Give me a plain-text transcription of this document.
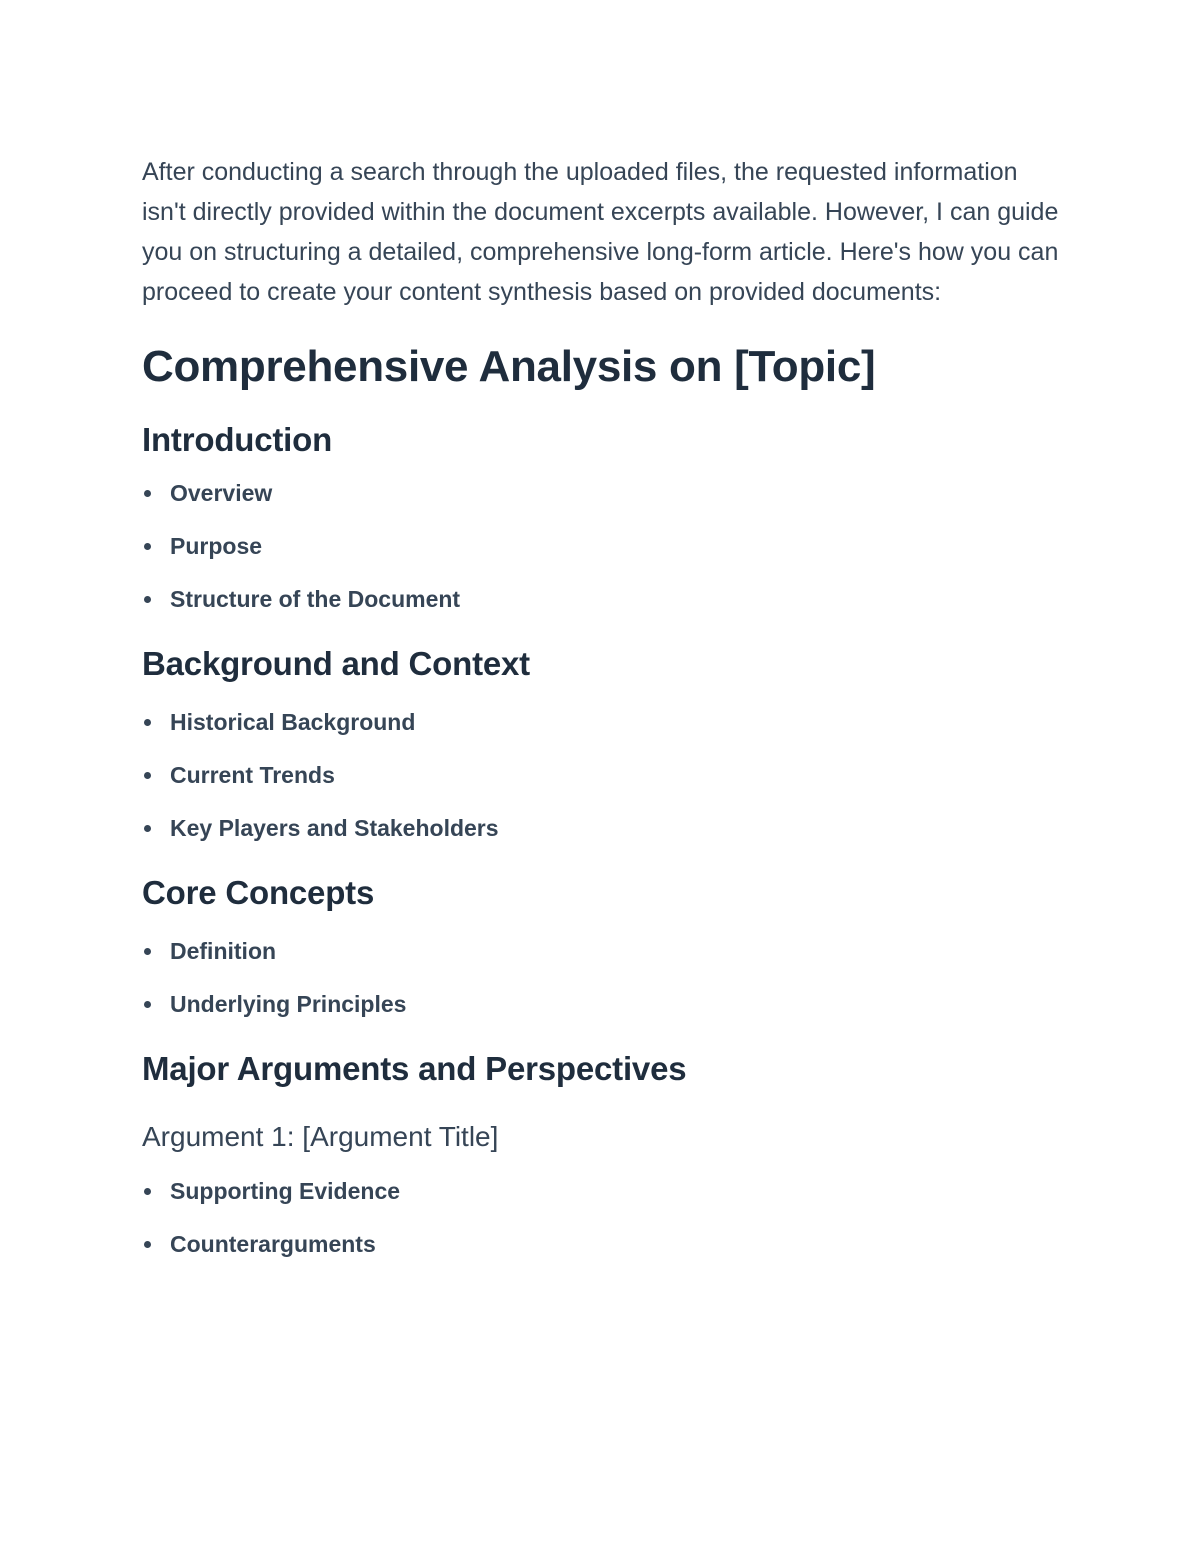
After conducting a search through the uploaded files, the requested information isn't directly provided within the document excerpts available. However, I can guide you on structuring a detailed, comprehensive long-form article. Here's how you can proceed to create your content synthesis based on provided documents:

Comprehensive Analysis on [Topic]
Introduction
Overview
Purpose
Structure of the Document
Background and Context
Historical Background
Current Trends
Key Players and Stakeholders
Core Concepts
Definition
Underlying Principles
Major Arguments and Perspectives
Argument 1: [Argument Title]
Supporting Evidence
Counterarguments
